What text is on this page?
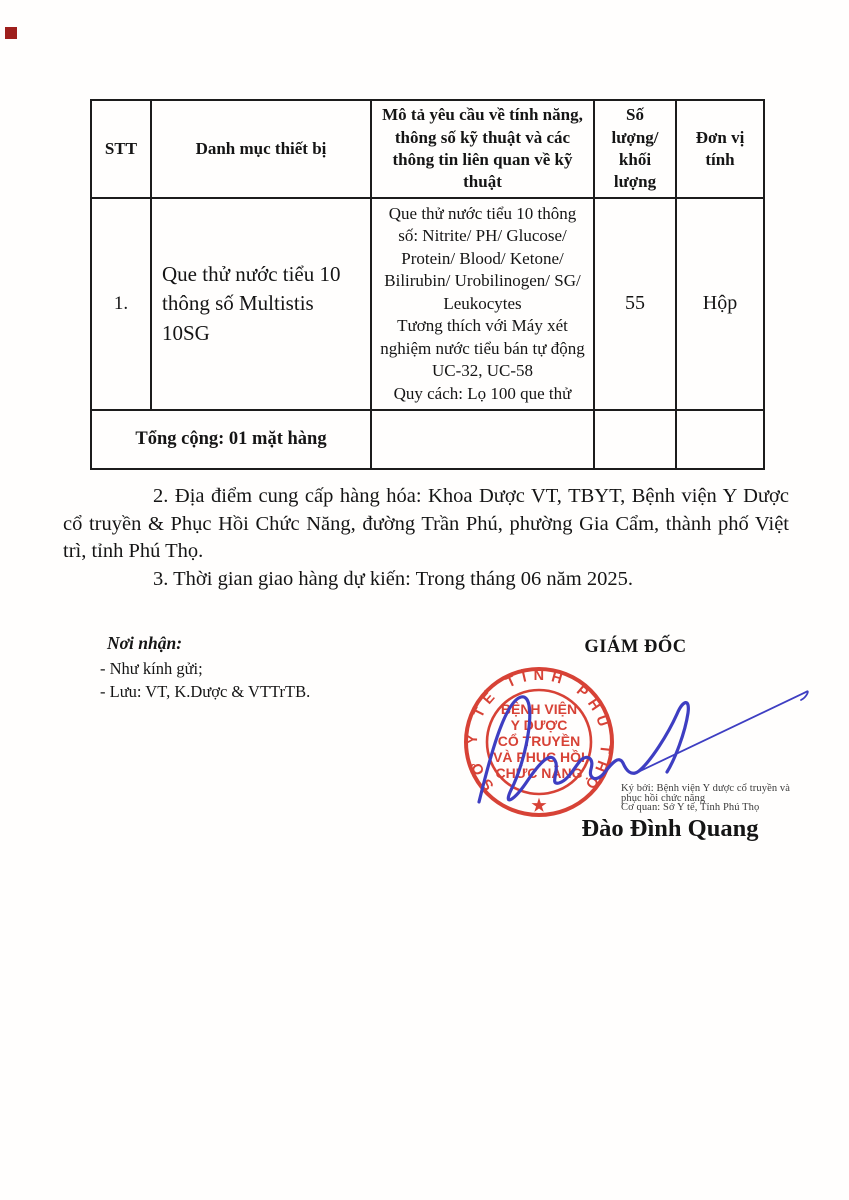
STT	Danh mục thiết bị	Mô tả yêu cầu về tính năng, thông số kỹ thuật và các thông tin liên quan về kỹ thuật	Số lượng/ khối lượng	Đơn vị tính
1.	Que thử nước tiểu 10 thông số Multistis 10SG	Que thử nước tiểu 10 thông số: Nitrite/ PH/ Glucose/ Protein/ Blood/ Ketone/ Bilirubin/ Urobilinogen/ SG/ Leukocytes

Tương thích với Máy xét nghiệm nước tiểu bán tự động UC-32, UC-58

Quy cách: Lọ 100 que thử	55	Hộp
Tổng cộng: 01 mặt hàng				

2. Địa điểm cung cấp hàng hóa: Khoa Dược VT, TBYT, Bệnh viện Y Dược cổ truyền & Phục Hồi Chức Năng, đường Trần Phú, phường Gia Cẩm, thành phố Việt trì, tỉnh Phú Thọ.

3. Thời gian giao hàng dự kiến: Trong tháng 06 năm 2025.

Nơi nhận:
- Như kính gửi;
- Lưu: VT, K.Dược & VTTrTB.
GIÁM ĐỐC
SỞ Y TẾ TỈNH PHÚ THỌ
BỆNH VIỆN
Y DƯỢC
CỔ TRUYỀN
VÀ PHỤC HỒI
CHỨC NĂNG
★
Ký bởi: Bệnh viện Y dược cổ truyền và
phục hồi chức năng
Cơ quan: Sở Y tế, Tỉnh Phú Thọ
Đào Đình Quang
